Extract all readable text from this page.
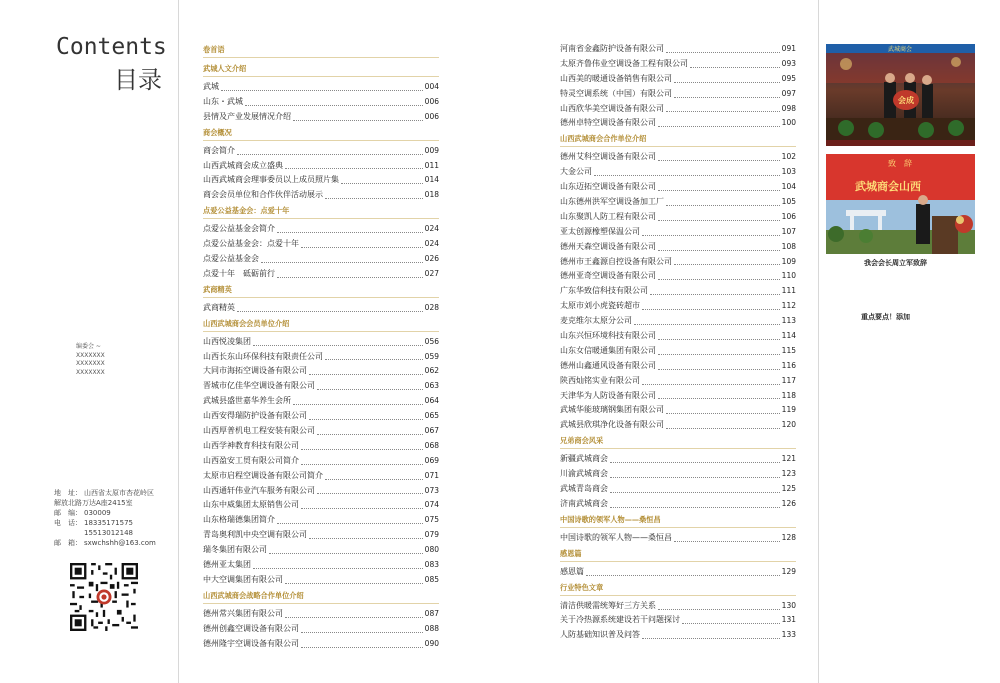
Contents
目录
编委会 ~
XXXXXXX
XXXXXXX
XXXXXXX
地　址： 山西省太原市杏花岭区
解放北路万达A座2415室
邮　编： 030009
电　话： 18335171575
15513012148
邮　箱： sxwchshh@163.com
卷首语
武城人文介绍
武城	004
山东・武城	006
县情及产业发展情况介绍	006
商会概况
商会简介	009
山西武城商会成立盛典	011
山西武城商会理事委员以上成员照片集	014
商会会员单位和合作伙伴活动展示	018
点爱公益基金会：点爱十年
点爱公益基金会简介	024
点爱公益基金会：点爱十年	024
点爱公益基金会	026
点爱十年　砥砺前行	027
武商精英
武商精英	028
山西武城商会会员单位介绍
山西悦凌集团	056
山西长东山环保科技有限责任公司	059
大同市海拓空调设备有限公司	062
晋城市亿佳华空调设备有限公司	063
武城县盛世嘉华养生会所	064
山西安得瑞防护设备有限公司	065
山西厚普机电工程安装有限公司	067
山西学神教育科技有限公司	068
山西盈安工贸有限公司简介	069
太原市启程空调设备有限公司简介	071
山西通轩伟业汽车服务有限公司	073
山东中威集团太原销售公司	074
山东格瑞德集团简介	075
青岛奥利凯中央空调有限公司	079
瑞冬集团有限公司	080
德州亚太集团	083
中大空调集团有限公司	085
山西武城商会战略合作单位介绍
德州常兴集团有限公司	087
德州创鑫空调设备有限公司	088
德州隆宇空调设备有限公司	090
河南省金鑫防护设备有限公司	091
太原齐鲁伟业空调设备工程有限公司	093
山西美的暖通设备销售有限公司	095
特灵空调系统（中国）有限公司	097
山西欣华美空调设备有限公司	098
德州卓特空调设备有限公司	100
山西武城商会合作单位介绍
德州艾科空调设备有限公司	102
大金公司	103
山东迈拓空调设备有限公司	104
山东德州洪军空调设备加工厂	105
山东聚凯人防工程有限公司	106
亚太创源橡塑保温公司	107
德州天森空调设备有限公司	108
德州市王鑫源自控设备有限公司	109
德州亚奇空调设备有限公司	110
广东华致信科技有限公司	111
太原市刘小虎瓷砖超市	112
麦克维尔太原分公司	113
山东兴恒环境科技有限公司	114
山东女信暖通集团有限公司	115
德州山鑫通风设备有限公司	116
陕西灿铭实业有限公司	117
天津华为人防设备有限公司	118
武城华能玻璃钢集团有限公司	119
武城县欣琪净化设备有限公司	120
兄弟商会风采
新疆武城商会	121
川渝武城商会	123
武城青岛商会	125
济南武城商会	126
中国诗歌的领军人物——桑恒昌
中国诗歌的领军人物——桑恒昌	128
感恩篇
感恩篇	129
行业特色文章
清洁供暖需统筹好三方关系	130
关于冷热源系统建设若干问题探讨	131
人防基础知识普及问答	133
武城商会
会成
致　辞
武城商会山西
我会会长周立军致辞
重点要点！添加
